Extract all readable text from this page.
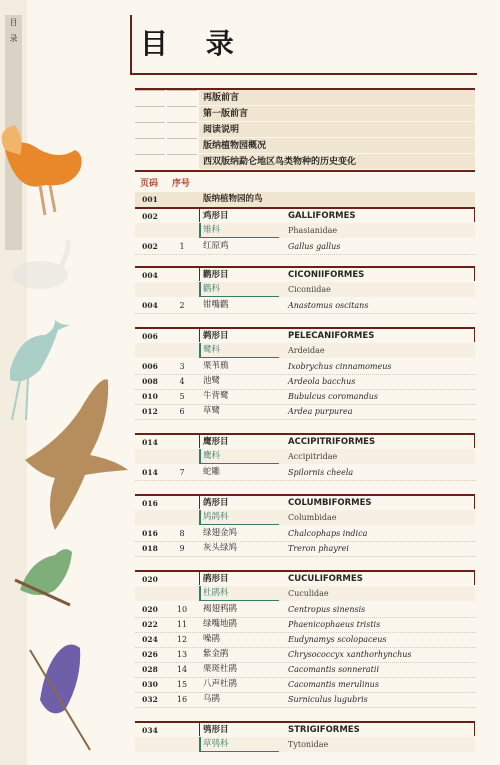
目
录	目 录
再版前言
第一版前言
阅读说明
版纳植物园概况
西双版纳勐仑地区鸟类物种的历史变化
页码 序号
001	版纳植物园的鸟
002	鸡形目	GALLIFORMES
雉科	Phasianidae
002	1	红原鸡	Gallus gallus
004	鹳形目	CICONIIFORMES
鹳科	Ciconiidae
004	2	钳嘴鹳	Anastomus oscitans
006	鹈形目	PELECANIFORMES
鹭科	Ardeidae
006	3	栗苇鳽	Ixobrychus cinnamomeus
008	4	池鹭	Ardeola bacchus
010	5	牛背鹭	Bubulcus coromandus
012	6	草鹭	Ardea purpurea
014	鹰形目	ACCIPITRIFORMES
鹰科	Accipitridae
014	7	蛇雕	Spilornis cheela
016	鸽形目	COLUMBIFORMES
鸠鸽科	Columbidae
016	8	绿翅金鸠	Chalcophaps indica
018	9	灰头绿鸠	Treron phayrei
020	鹃形目	CUCULIFORMES
杜鹃科	Cuculidae
020	10	褐翅鸦鹃	Centropus sinensis
022	11	绿嘴地鹃	Phaenicophaeus tristis
024	12	噪鹃	Eudynamys scolopaceus
026	13	紫金鹃	Chrysococcyx xanthorhynchus
028	14	栗斑杜鹃	Cacomantis sonneratii
030	15	八声杜鹃	Cacomantis merulinus
032	16	乌鹃	Surniculus lugubris
034	鸮形目	STRIGIFORMES
草鸮科	Tytonidae
